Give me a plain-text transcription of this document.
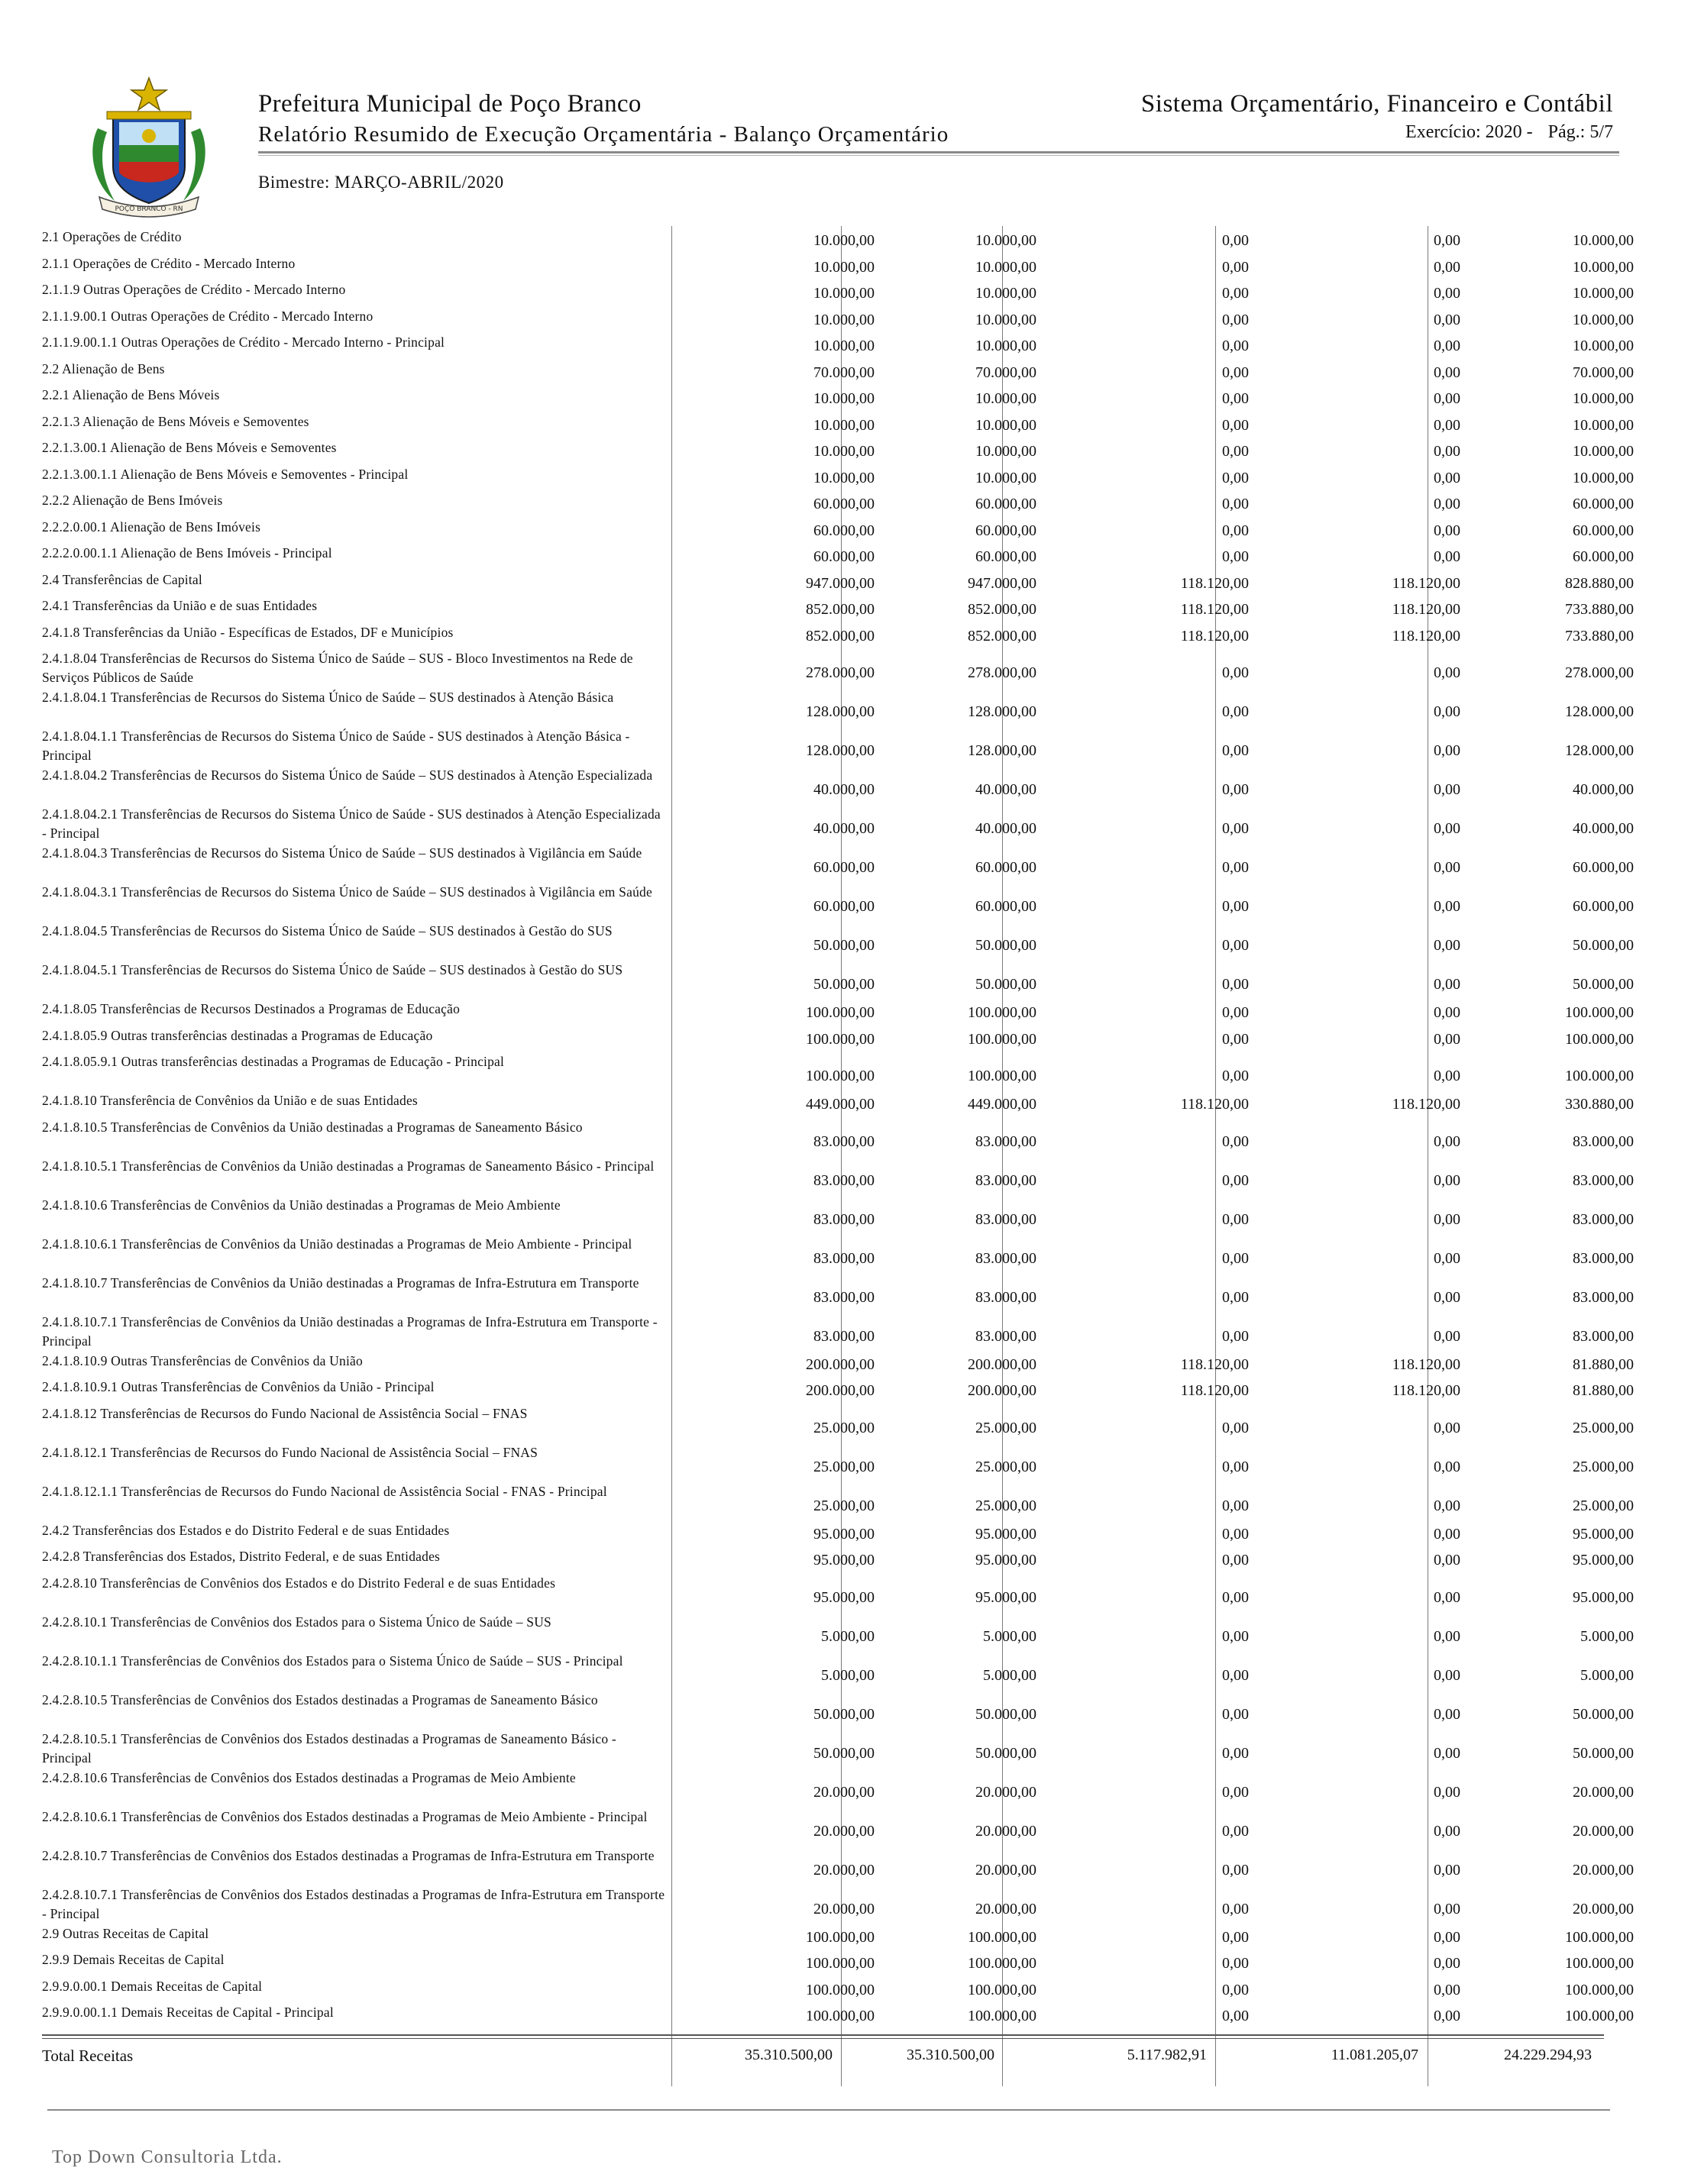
POÇO BRANCO - RN
Prefeitura Municipal de Poço Branco
Relatório Resumido de Execução Orçamentária - Balanço Orçamentário
Sistema Orçamentário, Financeiro e Contábil
Exercício: 2020 - Pág.: 5/7
Bimestre: MARÇO-ABRIL/2020
2.1 Operações de Crédito	10.000,00	10.000,00	0,00	0,00	10.000,00
2.1.1 Operações de Crédito - Mercado Interno	10.000,00	10.000,00	0,00	0,00	10.000,00
2.1.1.9 Outras Operações de Crédito - Mercado Interno	10.000,00	10.000,00	0,00	0,00	10.000,00
2.1.1.9.00.1 Outras Operações de Crédito - Mercado Interno	10.000,00	10.000,00	0,00	0,00	10.000,00
2.1.1.9.00.1.1 Outras Operações de Crédito - Mercado Interno - Principal	10.000,00	10.000,00	0,00	0,00	10.000,00
2.2 Alienação de Bens	70.000,00	70.000,00	0,00	0,00	70.000,00
2.2.1 Alienação de Bens Móveis	10.000,00	10.000,00	0,00	0,00	10.000,00
2.2.1.3 Alienação de Bens Móveis e Semoventes	10.000,00	10.000,00	0,00	0,00	10.000,00
2.2.1.3.00.1 Alienação de Bens Móveis e Semoventes	10.000,00	10.000,00	0,00	0,00	10.000,00
2.2.1.3.00.1.1 Alienação de Bens Móveis e Semoventes - Principal	10.000,00	10.000,00	0,00	0,00	10.000,00
2.2.2 Alienação de Bens Imóveis	60.000,00	60.000,00	0,00	0,00	60.000,00
2.2.2.0.00.1 Alienação de Bens Imóveis	60.000,00	60.000,00	0,00	0,00	60.000,00
2.2.2.0.00.1.1 Alienação de Bens Imóveis - Principal	60.000,00	60.000,00	0,00	0,00	60.000,00
2.4 Transferências de Capital	947.000,00	947.000,00	118.120,00	118.120,00	828.880,00
2.4.1 Transferências da União e de suas Entidades	852.000,00	852.000,00	118.120,00	118.120,00	733.880,00
2.4.1.8 Transferências da União - Específicas de Estados, DF e Municípios	852.000,00	852.000,00	118.120,00	118.120,00	733.880,00
2.4.1.8.04 Transferências de Recursos do Sistema Único de Saúde – SUS - Bloco Investimentos na Rede de Serviços Públicos de Saúde	278.000,00	278.000,00	0,00	0,00	278.000,00
2.4.1.8.04.1 Transferências de Recursos do Sistema Único de Saúde – SUS destinados à Atenção Básica
128.000,00	128.000,00	0,00	0,00	128.000,00
2.4.1.8.04.1.1 Transferências de Recursos do Sistema Único de Saúde - SUS destinados à Atenção Básica - Principal	128.000,00	128.000,00	0,00	0,00	128.000,00
2.4.1.8.04.2 Transferências de Recursos do Sistema Único de Saúde – SUS destinados à Atenção Especializada
40.000,00	40.000,00	0,00	0,00	40.000,00
2.4.1.8.04.2.1 Transferências de Recursos do Sistema Único de Saúde - SUS destinados à Atenção Especializada - Principal	40.000,00	40.000,00	0,00	0,00	40.000,00
2.4.1.8.04.3 Transferências de Recursos do Sistema Único de Saúde – SUS destinados à Vigilância em Saúde
60.000,00	60.000,00	0,00	0,00	60.000,00
2.4.1.8.04.3.1 Transferências de Recursos do Sistema Único de Saúde – SUS destinados à Vigilância em Saúde
60.000,00	60.000,00	0,00	0,00	60.000,00
2.4.1.8.04.5 Transferências de Recursos do Sistema Único de Saúde – SUS destinados à Gestão do SUS
50.000,00	50.000,00	0,00	0,00	50.000,00
2.4.1.8.04.5.1 Transferências de Recursos do Sistema Único de Saúde – SUS destinados à Gestão do SUS
50.000,00	50.000,00	0,00	0,00	50.000,00
2.4.1.8.05 Transferências de Recursos Destinados a Programas de Educação	100.000,00	100.000,00	0,00	0,00	100.000,00
2.4.1.8.05.9 Outras transferências destinadas a Programas de Educação	100.000,00	100.000,00	0,00	0,00	100.000,00
2.4.1.8.05.9.1 Outras transferências destinadas a Programas de Educação - Principal
100.000,00	100.000,00	0,00	0,00	100.000,00
2.4.1.8.10 Transferência de Convênios da União e de suas Entidades	449.000,00	449.000,00	118.120,00	118.120,00	330.880,00
2.4.1.8.10.5 Transferências de Convênios da União destinadas a Programas de Saneamento Básico
83.000,00	83.000,00	0,00	0,00	83.000,00
2.4.1.8.10.5.1 Transferências de Convênios da União destinadas a Programas de Saneamento Básico - Principal
83.000,00	83.000,00	0,00	0,00	83.000,00
2.4.1.8.10.6 Transferências de Convênios da União destinadas a Programas de Meio Ambiente
83.000,00	83.000,00	0,00	0,00	83.000,00
2.4.1.8.10.6.1 Transferências de Convênios da União destinadas a Programas de Meio Ambiente - Principal
83.000,00	83.000,00	0,00	0,00	83.000,00
2.4.1.8.10.7 Transferências de Convênios da União destinadas a Programas de Infra-Estrutura em Transporte
83.000,00	83.000,00	0,00	0,00	83.000,00
2.4.1.8.10.7.1 Transferências de Convênios da União destinadas a Programas de Infra-Estrutura em Transporte - Principal	83.000,00	83.000,00	0,00	0,00	83.000,00
2.4.1.8.10.9 Outras Transferências de Convênios da União	200.000,00	200.000,00	118.120,00	118.120,00	81.880,00
2.4.1.8.10.9.1 Outras Transferências de Convênios da União - Principal	200.000,00	200.000,00	118.120,00	118.120,00	81.880,00
2.4.1.8.12 Transferências de Recursos do Fundo Nacional de Assistência Social – FNAS
25.000,00	25.000,00	0,00	0,00	25.000,00
2.4.1.8.12.1 Transferências de Recursos do Fundo Nacional de Assistência Social – FNAS
25.000,00	25.000,00	0,00	0,00	25.000,00
2.4.1.8.12.1.1 Transferências de Recursos do Fundo Nacional de Assistência Social - FNAS - Principal
25.000,00	25.000,00	0,00	0,00	25.000,00
2.4.2 Transferências dos Estados e do Distrito Federal e de suas Entidades	95.000,00	95.000,00	0,00	0,00	95.000,00
2.4.2.8 Transferências dos Estados, Distrito Federal, e de suas Entidades	95.000,00	95.000,00	0,00	0,00	95.000,00
2.4.2.8.10 Transferências de Convênios dos Estados e do Distrito Federal e de suas Entidades
95.000,00	95.000,00	0,00	0,00	95.000,00
2.4.2.8.10.1 Transferências de Convênios dos Estados para o Sistema Único de Saúde – SUS
5.000,00	5.000,00	0,00	0,00	5.000,00
2.4.2.8.10.1.1 Transferências de Convênios dos Estados para o Sistema Único de Saúde – SUS - Principal
5.000,00	5.000,00	0,00	0,00	5.000,00
2.4.2.8.10.5 Transferências de Convênios dos Estados destinadas a Programas de Saneamento Básico
50.000,00	50.000,00	0,00	0,00	50.000,00
2.4.2.8.10.5.1 Transferências de Convênios dos Estados destinadas a Programas de Saneamento Básico - Principal	50.000,00	50.000,00	0,00	0,00	50.000,00
2.4.2.8.10.6 Transferências de Convênios dos Estados destinadas a Programas de Meio Ambiente
20.000,00	20.000,00	0,00	0,00	20.000,00
2.4.2.8.10.6.1 Transferências de Convênios dos Estados destinadas a Programas de Meio Ambiente - Principal
20.000,00	20.000,00	0,00	0,00	20.000,00
2.4.2.8.10.7 Transferências de Convênios dos Estados destinadas a Programas de Infra-Estrutura em Transporte
20.000,00	20.000,00	0,00	0,00	20.000,00
2.4.2.8.10.7.1 Transferências de Convênios dos Estados destinadas a Programas de Infra-Estrutura em Transporte - Principal	20.000,00	20.000,00	0,00	0,00	20.000,00
2.9 Outras Receitas de Capital	100.000,00	100.000,00	0,00	0,00	100.000,00
2.9.9 Demais Receitas de Capital	100.000,00	100.000,00	0,00	0,00	100.000,00
2.9.9.0.00.1 Demais Receitas de Capital	100.000,00	100.000,00	0,00	0,00	100.000,00
2.9.9.0.00.1.1 Demais Receitas de Capital - Principal	100.000,00	100.000,00	0,00	0,00	100.000,00
Total Receitas	35.310.500,00	35.310.500,00	5.117.982,91	11.081.205,07	24.229.294,93
Top Down Consultoria Ltda.
